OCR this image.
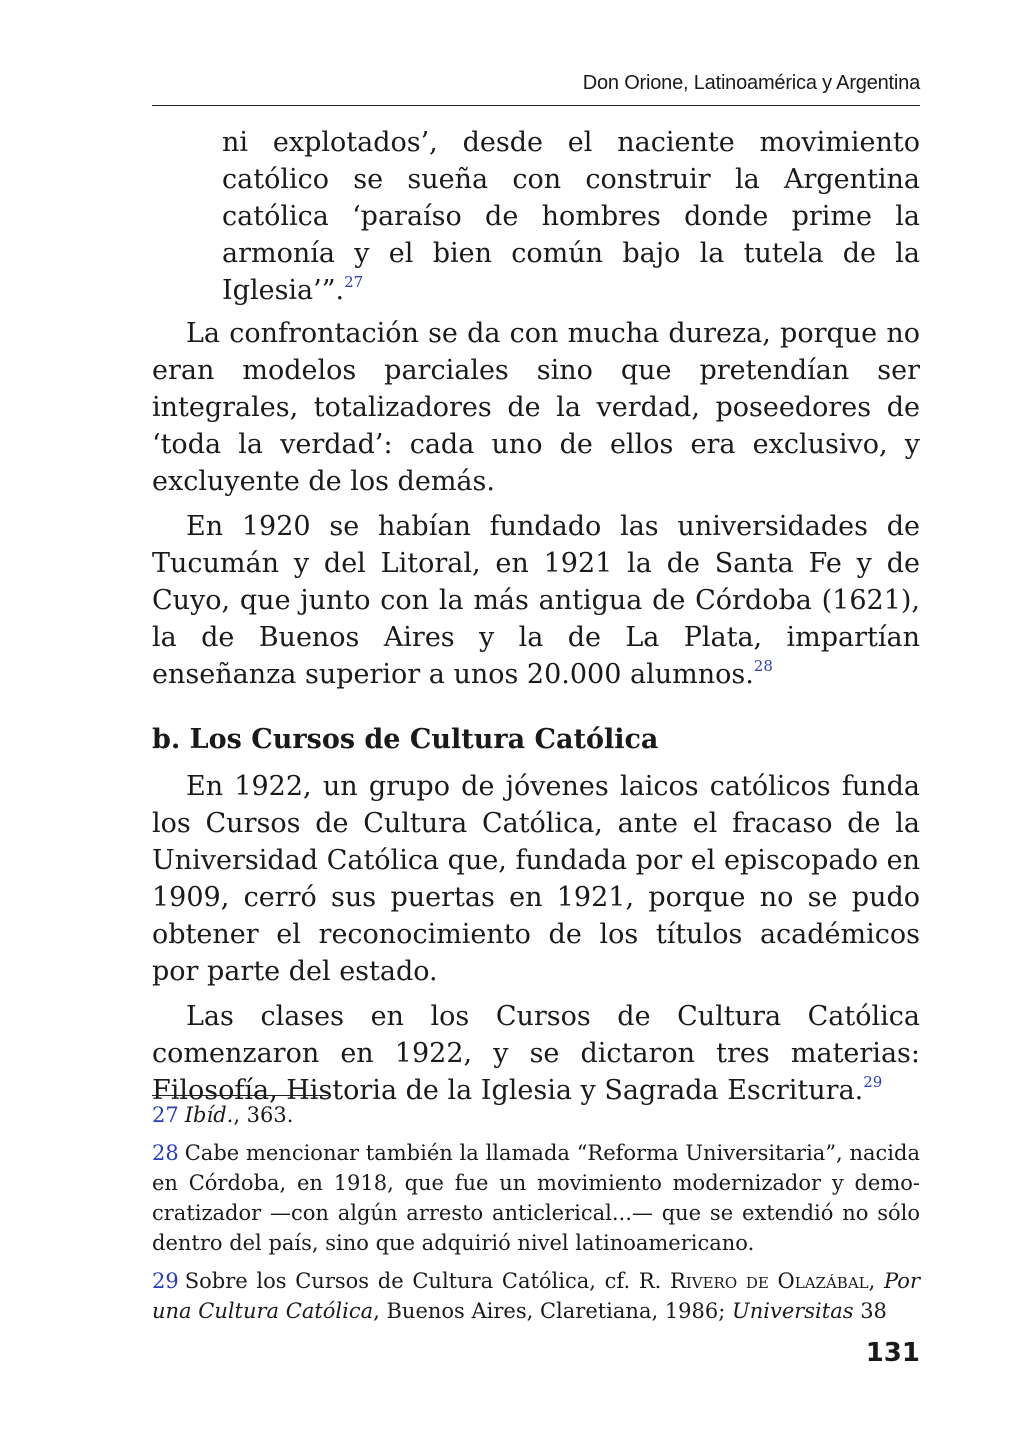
Don Orione, Latinoamérica y Argentina

ni explotados’, desde el naciente movimiento católico se sueña con construir la Argentina católica ‘paraíso de hombres donde prime la armonía y el bien común bajo la tutela de la Iglesia’”.$^{27}$

La confrontación se da con mucha dureza, porque no eran modelos parciales sino que pretendían ser integrales, totalizadores de la verdad, poseedores de ‘toda la verdad’: cada uno de ellos era exclusivo, y excluyente de los demás.

En 1920 se habían fundado las universidades de Tucumán y del Litoral, en 1921 la de Santa Fe y de Cuyo, que junto con la más antigua de Córdoba (1621), la de Buenos Aires y la de La Plata, impartían enseñanza superior a unos 20.000 alumnos.$^{28}$

b. Los Cursos de Cultura Católica

En 1922, un grupo de jóvenes laicos católicos funda los Cursos de Cultura Católica, ante el fracaso de la Universidad Católica que, fundada por el episcopado en 1909, cerró sus puertas en 1921, porque no se pudo obtener el reconocimiento de los títulos académicos por parte del estado.

Las clases en los Cursos de Cultura Católica comenzaron en 1922, y se dictaron tres materias: Filosofía, Historia de la Iglesia y Sagrada Escritura.$^{29}$

27 Ibíd., 363.

28 Cabe mencionar también la llamada “Reforma Universitaria”, nacida en Córdoba, en 1918, que fue un movimiento modernizador y democratizador —con algún arresto anticlerical...— que se extendió no sólo dentro del país, sino que adquirió nivel latinoamericano.

29 Sobre los Cursos de Cultura Católica, cf. R. Rivero de Olazábal, Por una Cultura Católica, Buenos Aires, Claretiana, 1986; Universitas 38

131
